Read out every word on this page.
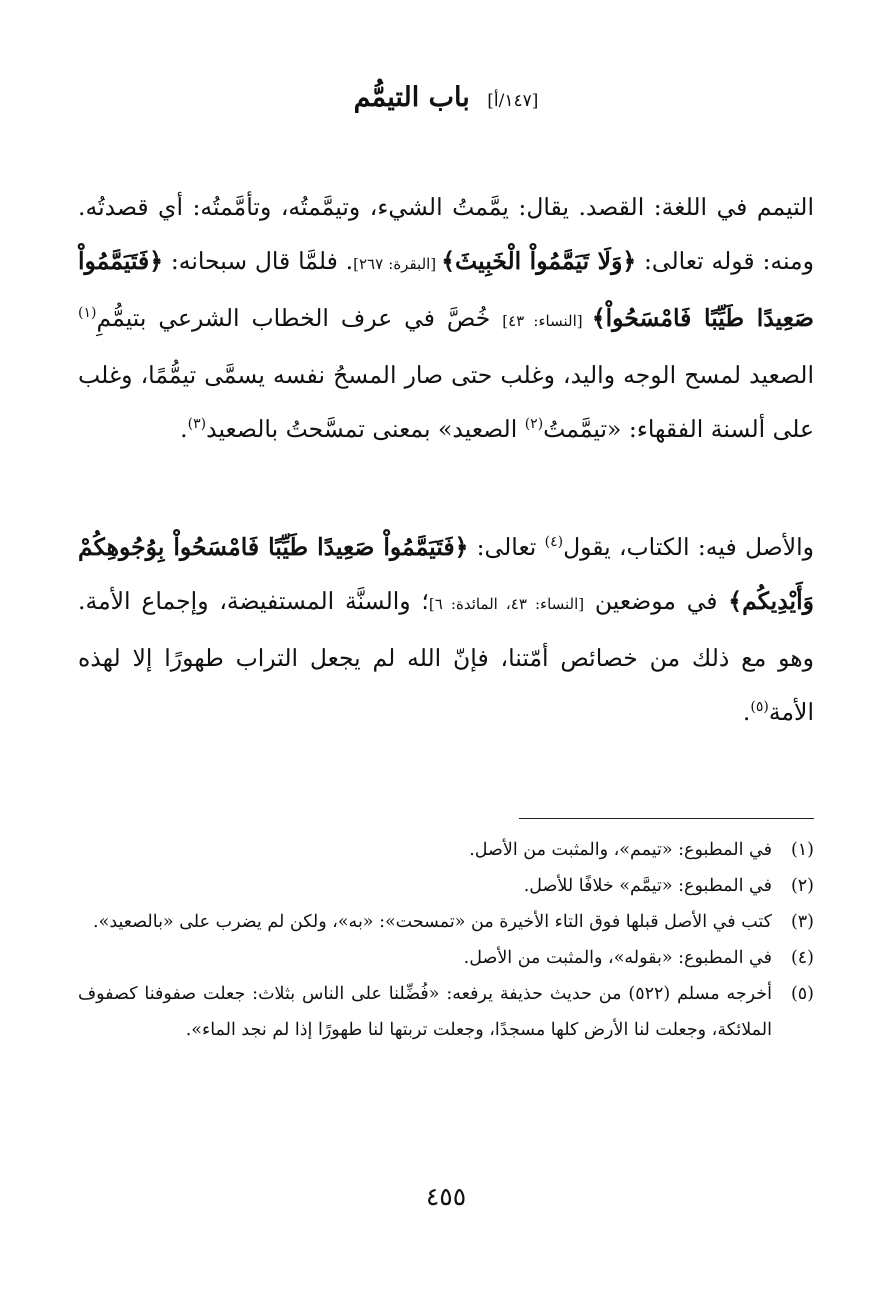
[١٤٧/أ] باب التيمُّم
التيمم في اللغة: القصد. يقال: يمَّمتُ الشيء، وتيمَّمتُه، وتأمَّمتُه: أي قصدتُه. ومنه: قوله تعالى: ﴿وَلَا تَيَمَّمُواْ الْخَبِيثَ﴾ [البقرة: ٢٦٧]. فلمَّا قال سبحانه: ﴿فَتَيَمَّمُواْ صَعِيدًا طَيِّبًا فَامْسَحُواْ﴾ [النساء: ٤٣] خُصَّ في عرف الخطاب الشرعي بتيمُّمِ$^{(١)}$ الصعيد لمسح الوجه واليد، وغلب حتى صار المسحُ نفسه يسمَّى تيمُّمًا، وغلب على ألسنة الفقهاء: «تيمَّمتُ$^{(٢)}$ الصعيد» بمعنى تمسَّحتُ بالصعيد$^{(٣)}$.
والأصل فيه: الكتاب، يقول$^{(٤)}$ تعالى: ﴿فَتَيَمَّمُواْ صَعِيدًا طَيِّبًا فَامْسَحُواْ بِوُجُوهِكُمْ وَأَيْدِيكُم﴾ في موضعين [النساء: ٤٣، المائدة: ٦]؛ والسنَّة المستفيضة، وإجماع الأمة. وهو مع ذلك من خصائص أمّتنا، فإنّ الله لم يجعل التراب طهورًا إلا لهذه الأمة$^{(٥)}$.
(١)
في المطبوع: «تيمم»، والمثبت من الأصل.
(٢)
في المطبوع: «تيمَّم» خلافًا للأصل.
(٣)
كتب في الأصل قبلها فوق التاء الأخيرة من «تمسحت»: «به»، ولكن لم يضرب على «بالصعيد».
(٤)
في المطبوع: «بقوله»، والمثبت من الأصل.
(٥)
أخرجه مسلم (٥٢٢) من حديث حذيفة يرفعه: «فُضِّلنا على الناس بثلاث: جعلت صفوفنا كصفوف الملائكة، وجعلت لنا الأرض كلها مسجدًا، وجعلت تربتها لنا طهورًا إذا لم نجد الماء».
٤٥٥
